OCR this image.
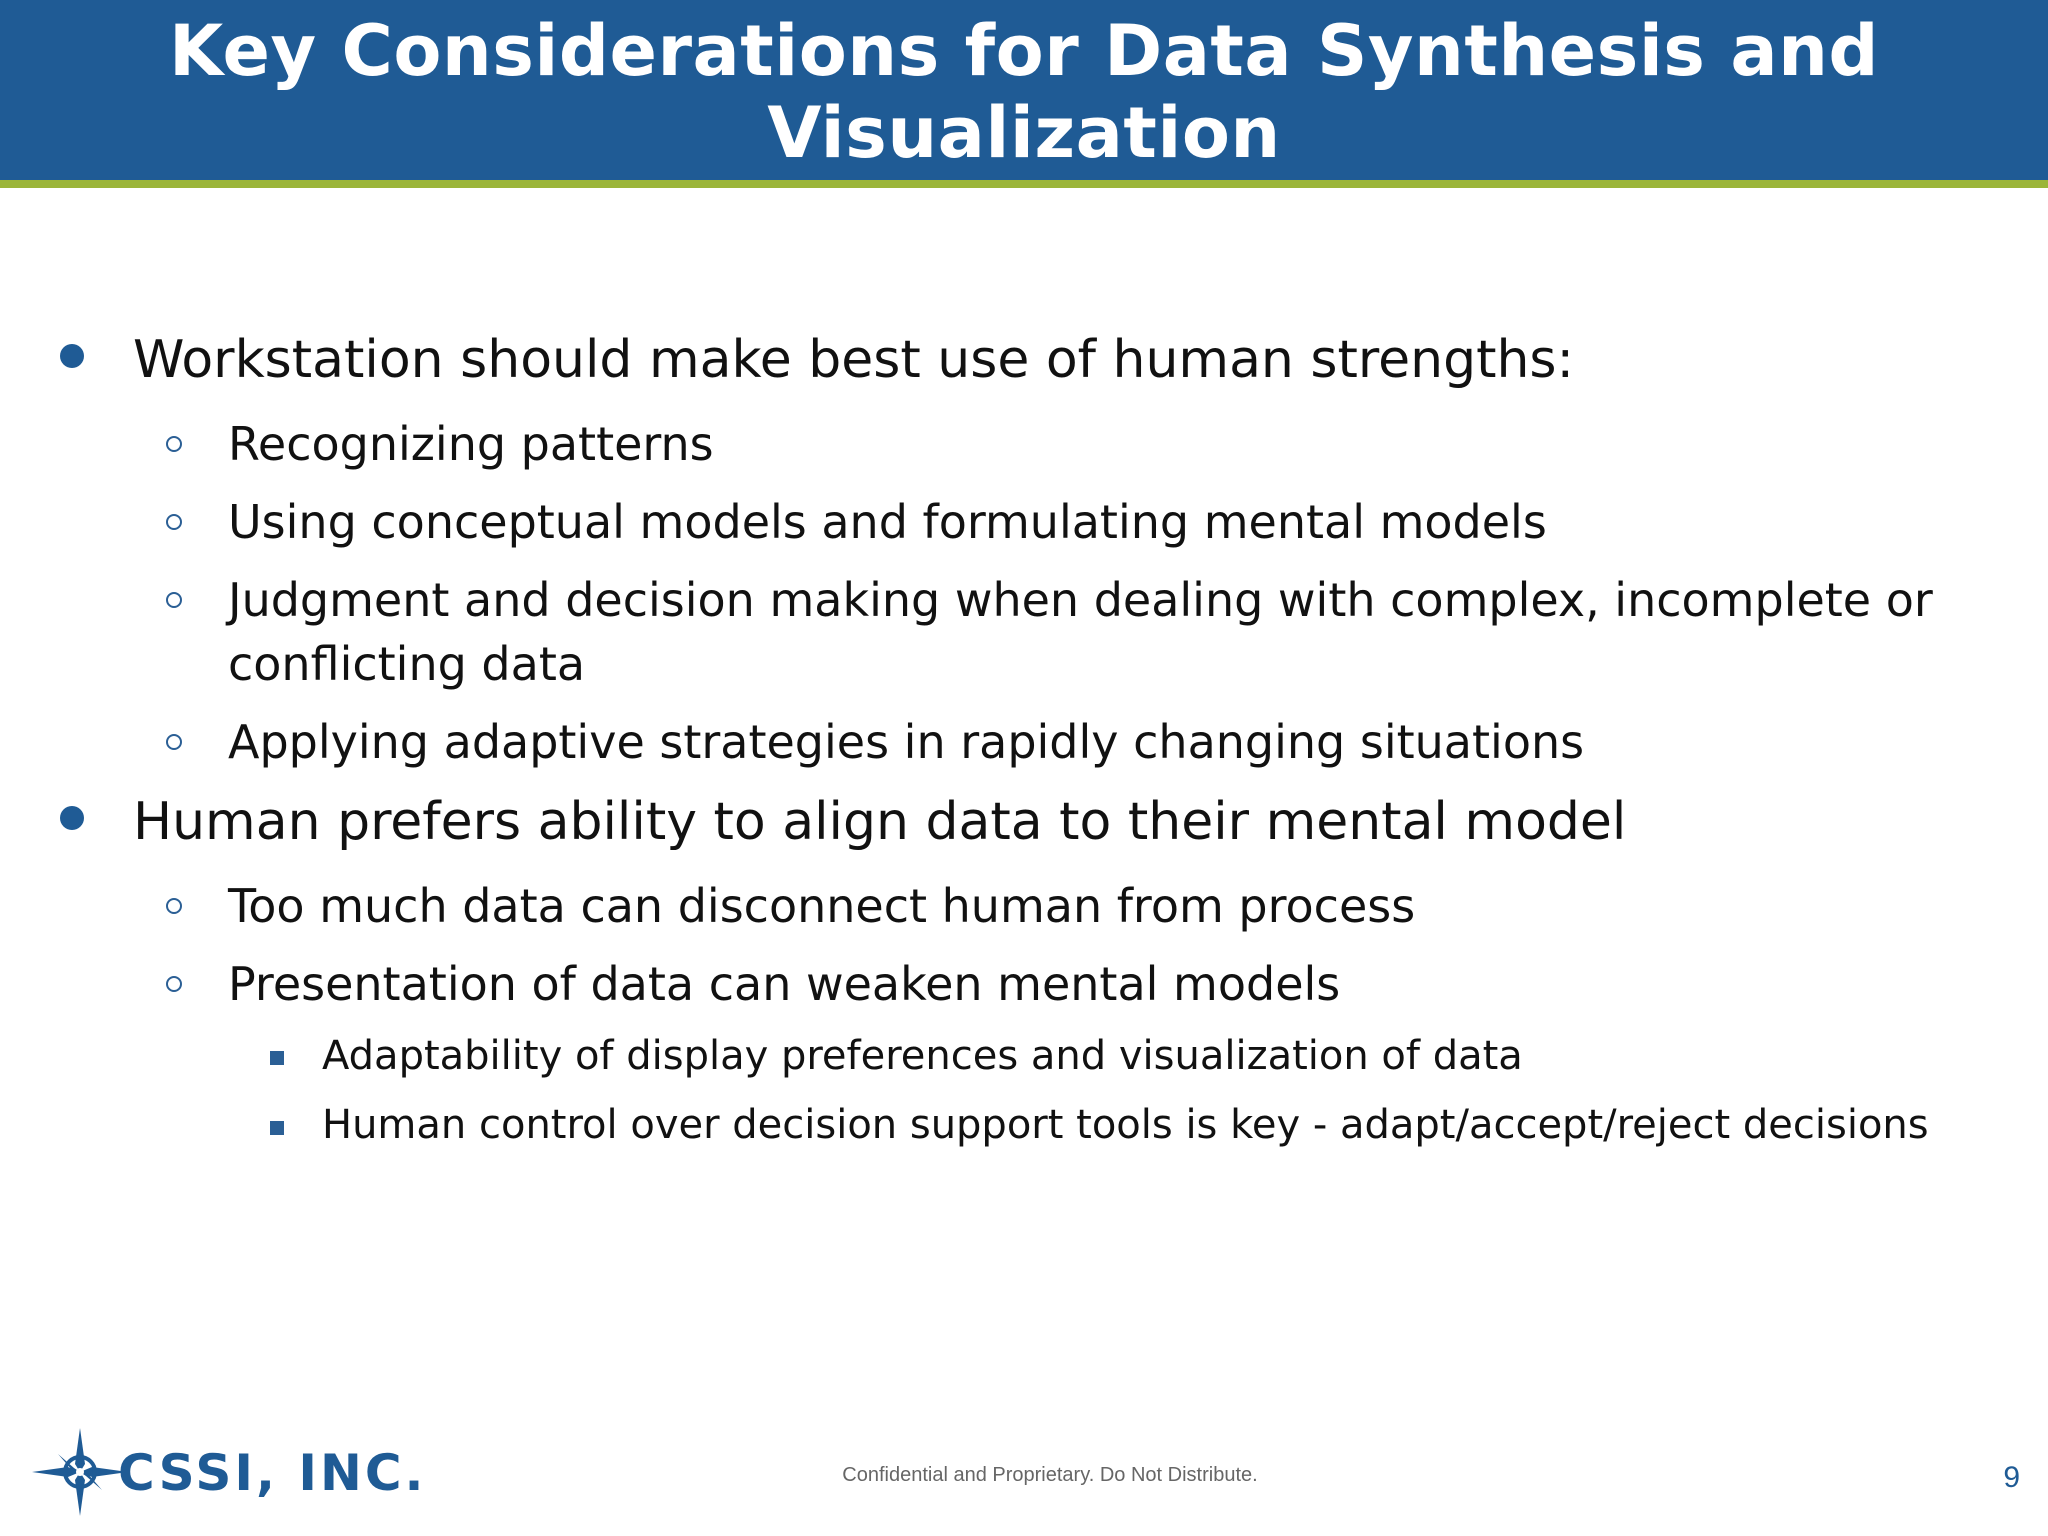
Key Considerations for Data Synthesis and
Visualization
Workstation should make best use of human strengths:
Recognizing patterns
Using conceptual models and formulating mental models
Judgment and decision making when dealing with complex, incomplete or
conflicting data
Applying adaptive strategies in rapidly changing situations
Human prefers ability to align data to their mental model
Too much data can disconnect human from process
Presentation of data can weaken mental models
Adaptability of display preferences and visualization of data
Human control over decision support tools is key - adapt/accept/reject decisions
CSSI, INC.	Confidential and Proprietary. Do Not Distribute.	9
